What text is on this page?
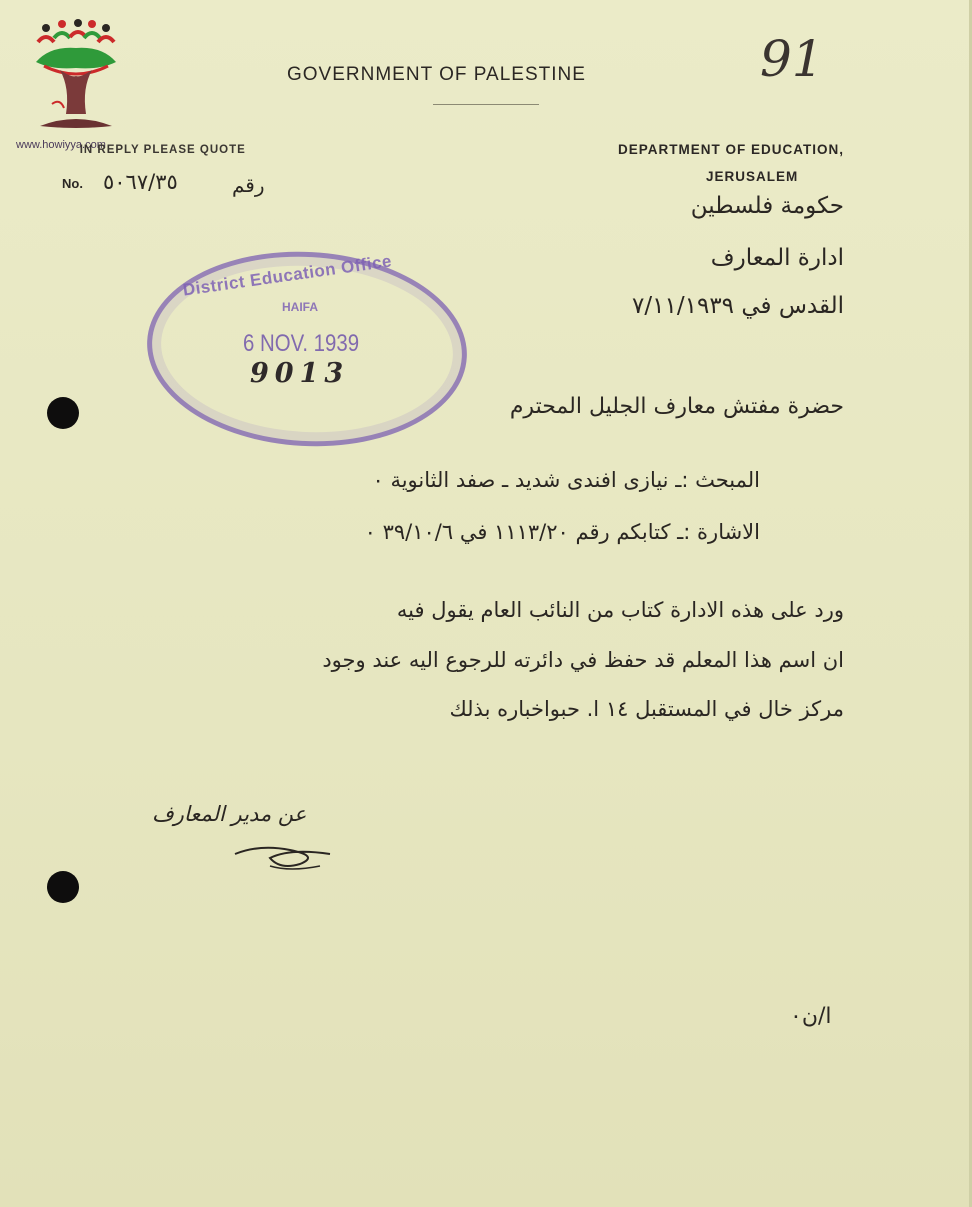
91
GOVERNMENT OF PALESTINE
www.howiyya.com
IN REPLY PLEASE QUOTE	DEPARTMENT OF EDUCATION,
JERUSALEM
No. ٥٠٦٧/٣٥	رقم
حكومة فلسطين
ادارة المعارف
القدس في ٧/١١/١٩٣٩
District Education Office
HAIFA
6 NOV. 1939
9013
حضرة مفتش معارف الجليل المحترم
المبحث :ـ نيازى افندى شديد ـ صفد الثانوية ٠
الاشارة :ـ كتابكم رقم ١١١٣/٢٠ في ٣٩/١٠/٦ ٠
ورد على هذه الادارة كتاب من النائب العام يقول فيه
ان اسم هذا المعلم قد حفظ في دائرته للرجوع اليه عند وجود
مركز خال في المستقبل ١٤ ا. حبواخباره بذلك
عن مدير المعارف
ا/ن٠
